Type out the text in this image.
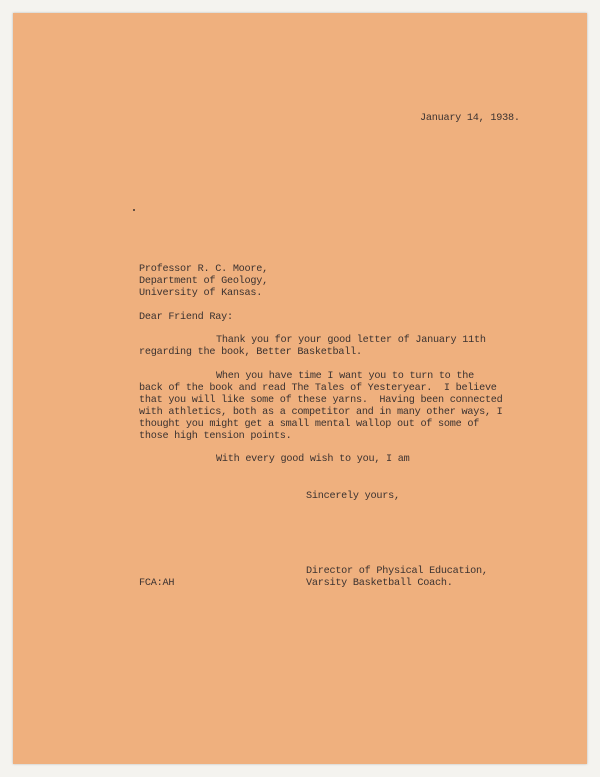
January 14, 1938.
Professor R. C. Moore,
Department of Geology,
University of Kansas.
Dear Friend Ray:
Thank you for your good letter of January 11th
regarding the book, Better Basketball.
When you have time I want you to turn to the
back of the book and read The Tales of Yesteryear.  I believe
that you will like some of these yarns.  Having been connected
with athletics, both as a competitor and in many other ways, I
thought you might get a small mental wallop out of some of
those high tension points.
With every good wish to you, I am
Sincerely yours,
Director of Physical Education,
Varsity Basketball Coach.
FCA:AH
